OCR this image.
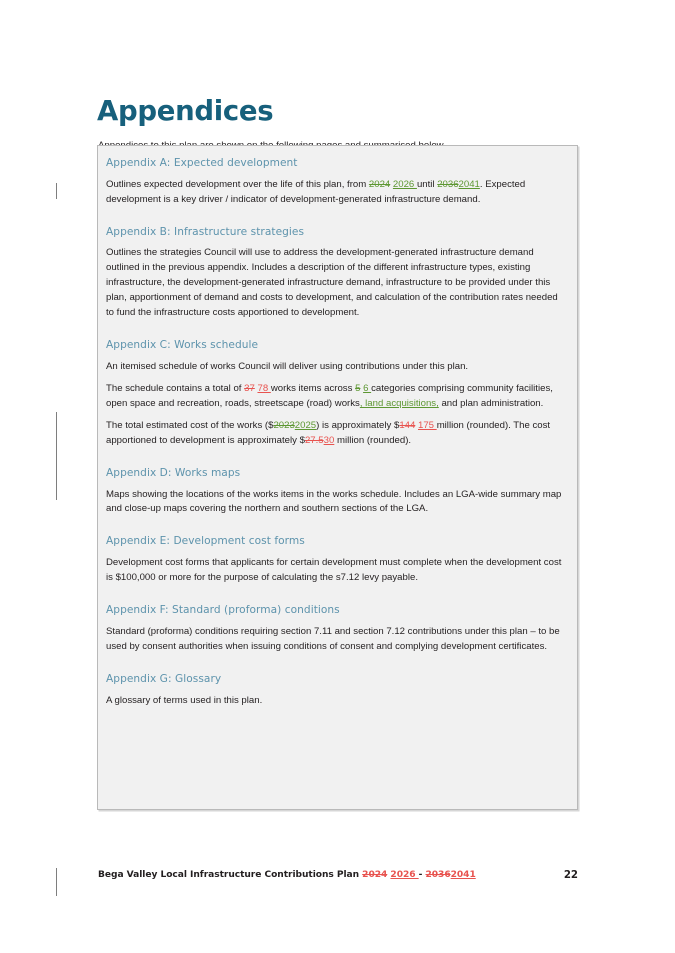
Appendices

Appendix A: Expected development

Outlines expected development over the life of this plan, from 2024 2026 until 20362041. Expected development is a key driver / indicator of development-generated infrastructure demand.

Appendix B: Infrastructure strategies

Outlines the strategies Council will use to address the development-generated infrastructure demand outlined in the previous appendix. Includes a description of the different infrastructure types, existing infrastructure, the development-generated infrastructure demand, infrastructure to be provided under this plan, apportionment of demand and costs to development, and calculation of the contribution rates needed to fund the infrastructure costs apportioned to development.

Appendix C: Works schedule

An itemised schedule of works Council will deliver using contributions under this plan.

The schedule contains a total of 37 78 works items across 5 6 categories comprising community facilities, open space and recreation, roads, streetscape (road) works, land acquisitions, and plan administration.

The total estimated cost of the works ($20232025) is approximately $144 175 million (rounded). The cost apportioned to development is approximately $27.530 million (rounded).

Appendix D: Works maps

Maps showing the locations of the works items in the works schedule. Includes an LGA-wide summary map and close-up maps covering the northern and southern sections of the LGA.

Appendix E: Development cost forms

Development cost forms that applicants for certain development must complete when the development cost is $100,000 or more for the purpose of calculating the s7.12 levy payable.

Appendix F: Standard (proforma) conditions

Standard (proforma) conditions requiring section 7.11 and section 7.12 contributions under this plan – to be used by consent authorities when issuing conditions of consent and complying development certificates.

Appendix G: Glossary

A glossary of terms used in this plan.

Bega Valley Local Infrastructure Contributions Plan 2024 2026 - 20362041	22
